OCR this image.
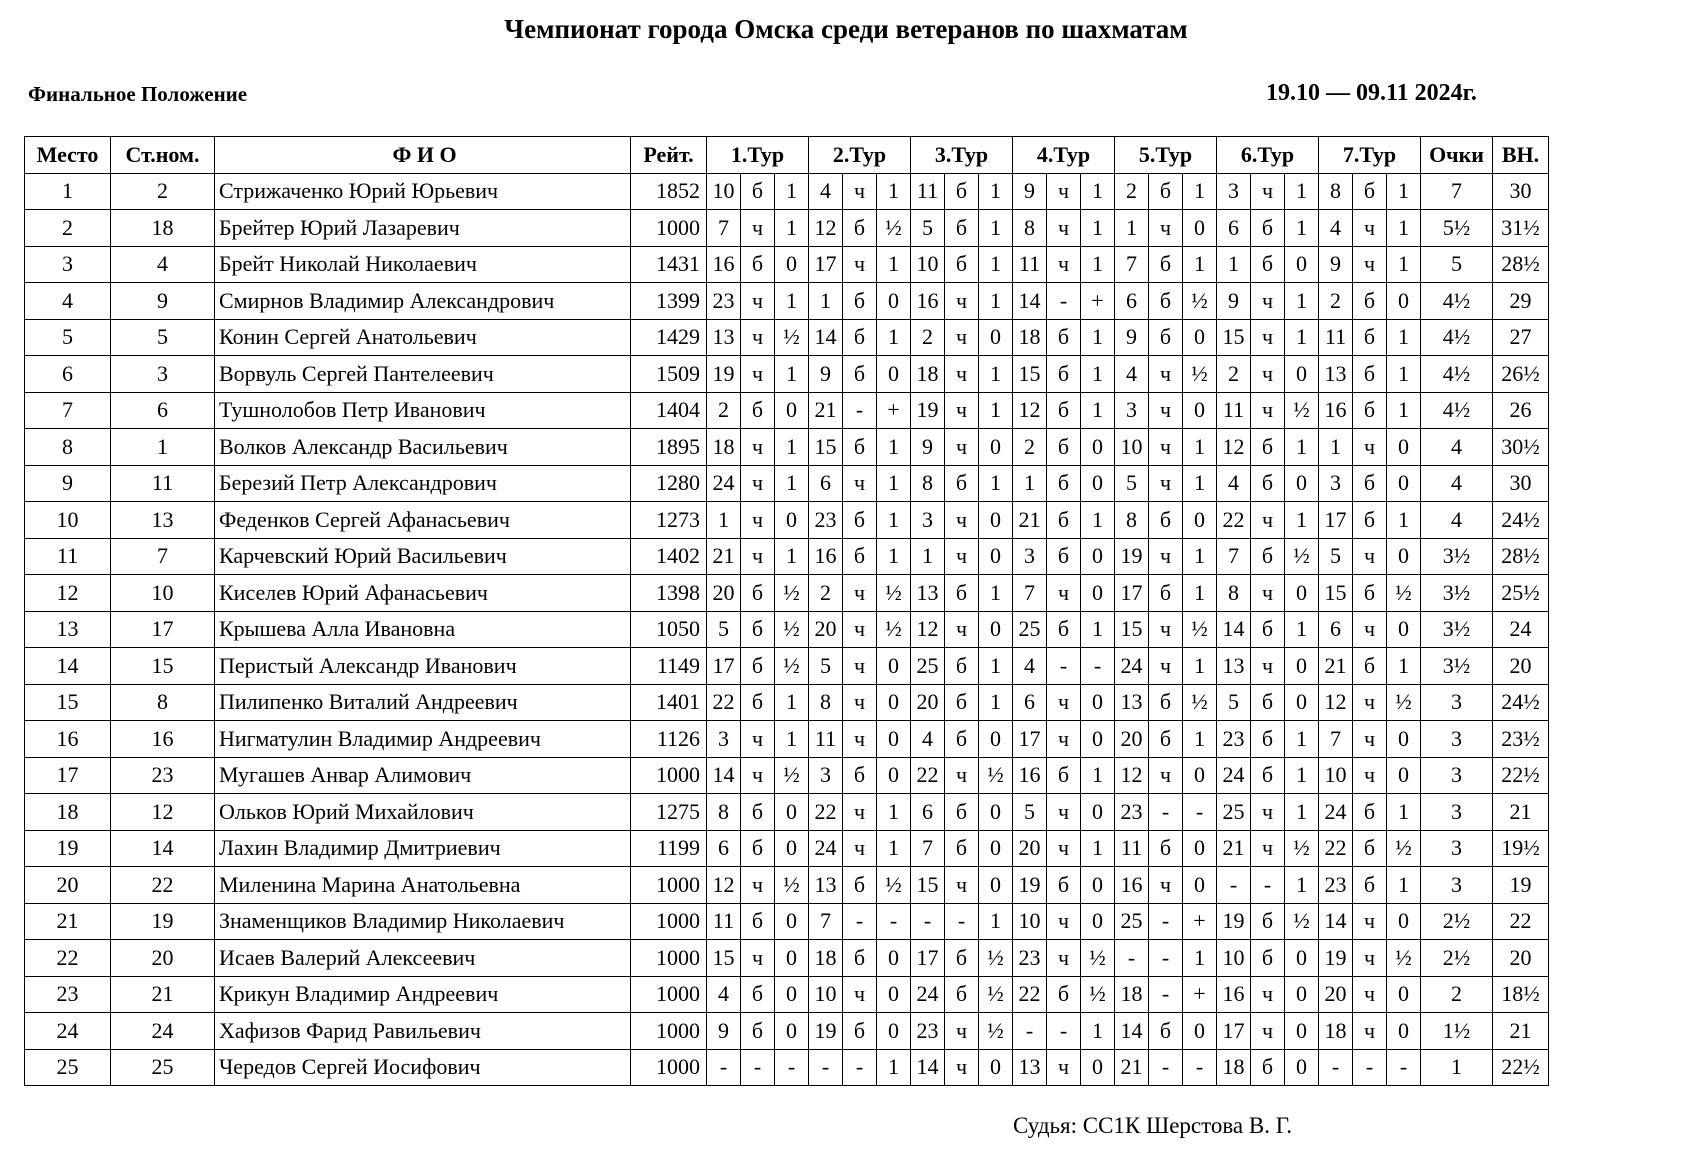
Чемпионат города Омска среди ветеранов по шахматам
Финальное Положение	19.10 — 09.11 2024г.
Место	Ст.ном.	Ф И О	Рейт.	1.Тур			2.Тур			3.Тур			4.Тур			5.Тур			6.Тур			7.Тур			Очки	ВН.
1	2	Стрижаченко Юрий Юрьевич	1852	10	б	1	4	ч	1	11	б	1	9	ч	1	2	б	1	3	ч	1	8	б	1	7	30
2	18	Брейтер Юрий Лазаревич	1000	7	ч	1	12	б	½	5	б	1	8	ч	1	1	ч	0	6	б	1	4	ч	1	5½	31½
3	4	Брейт Николай Николаевич	1431	16	б	0	17	ч	1	10	б	1	11	ч	1	7	б	1	1	б	0	9	ч	1	5	28½
4	9	Смирнов Владимир Александрович	1399	23	ч	1	1	б	0	16	ч	1	14	-	+	6	б	½	9	ч	1	2	б	0	4½	29
5	5	Конин Сергей Анатольевич	1429	13	ч	½	14	б	1	2	ч	0	18	б	1	9	б	0	15	ч	1	11	б	1	4½	27
6	3	Ворвуль Сергей Пантелеевич	1509	19	ч	1	9	б	0	18	ч	1	15	б	1	4	ч	½	2	ч	0	13	б	1	4½	26½
7	6	Тушнолобов Петр Иванович	1404	2	б	0	21	-	+	19	ч	1	12	б	1	3	ч	0	11	ч	½	16	б	1	4½	26
8	1	Волков Александр Васильевич	1895	18	ч	1	15	б	1	9	ч	0	2	б	0	10	ч	1	12	б	1	1	ч	0	4	30½
9	11	Березий Петр Александрович	1280	24	ч	1	6	ч	1	8	б	1	1	б	0	5	ч	1	4	б	0	3	б	0	4	30
10	13	Феденков Сергей Афанасьевич	1273	1	ч	0	23	б	1	3	ч	0	21	б	1	8	б	0	22	ч	1	17	б	1	4	24½
11	7	Карчевский Юрий Васильевич	1402	21	ч	1	16	б	1	1	ч	0	3	б	0	19	ч	1	7	б	½	5	ч	0	3½	28½
12	10	Киселев Юрий Афанасьевич	1398	20	б	½	2	ч	½	13	б	1	7	ч	0	17	б	1	8	ч	0	15	б	½	3½	25½
13	17	Крышева Алла Ивановна	1050	5	б	½	20	ч	½	12	ч	0	25	б	1	15	ч	½	14	б	1	6	ч	0	3½	24
14	15	Перистый Александр Иванович	1149	17	б	½	5	ч	0	25	б	1	4	-	-	24	ч	1	13	ч	0	21	б	1	3½	20
15	8	Пилипенко Виталий Андреевич	1401	22	б	1	8	ч	0	20	б	1	6	ч	0	13	б	½	5	б	0	12	ч	½	3	24½
16	16	Нигматулин Владимир Андреевич	1126	3	ч	1	11	ч	0	4	б	0	17	ч	0	20	б	1	23	б	1	7	ч	0	3	23½
17	23	Мугашев Анвар Алимович	1000	14	ч	½	3	б	0	22	ч	½	16	б	1	12	ч	0	24	б	1	10	ч	0	3	22½
18	12	Ольков Юрий Михайлович	1275	8	б	0	22	ч	1	6	б	0	5	ч	0	23	-	-	25	ч	1	24	б	1	3	21
19	14	Лахин Владимир Дмитриевич	1199	6	б	0	24	ч	1	7	б	0	20	ч	1	11	б	0	21	ч	½	22	б	½	3	19½
20	22	Миленина Марина Анатольевна	1000	12	ч	½	13	б	½	15	ч	0	19	б	0	16	ч	0	-	-	1	23	б	1	3	19
21	19	Знаменщиков Владимир Николаевич	1000	11	б	0	7	-	-	-	-	1	10	ч	0	25	-	+	19	б	½	14	ч	0	2½	22
22	20	Исаев Валерий Алексеевич	1000	15	ч	0	18	б	0	17	б	½	23	ч	½	-	-	1	10	б	0	19	ч	½	2½	20
23	21	Крикун Владимир Андреевич	1000	4	б	0	10	ч	0	24	б	½	22	б	½	18	-	+	16	ч	0	20	ч	0	2	18½
24	24	Хафизов Фарид Равильевич	1000	9	б	0	19	б	0	23	ч	½	-	-	1	14	б	0	17	ч	0	18	ч	0	1½	21
25	25	Чередов Сергей Иосифович	1000	-	-	-	-	-	1	14	ч	0	13	ч	0	21	-	-	18	б	0	-	-	-	1	22½
Судья: СС1К Шерстова В. Г.
